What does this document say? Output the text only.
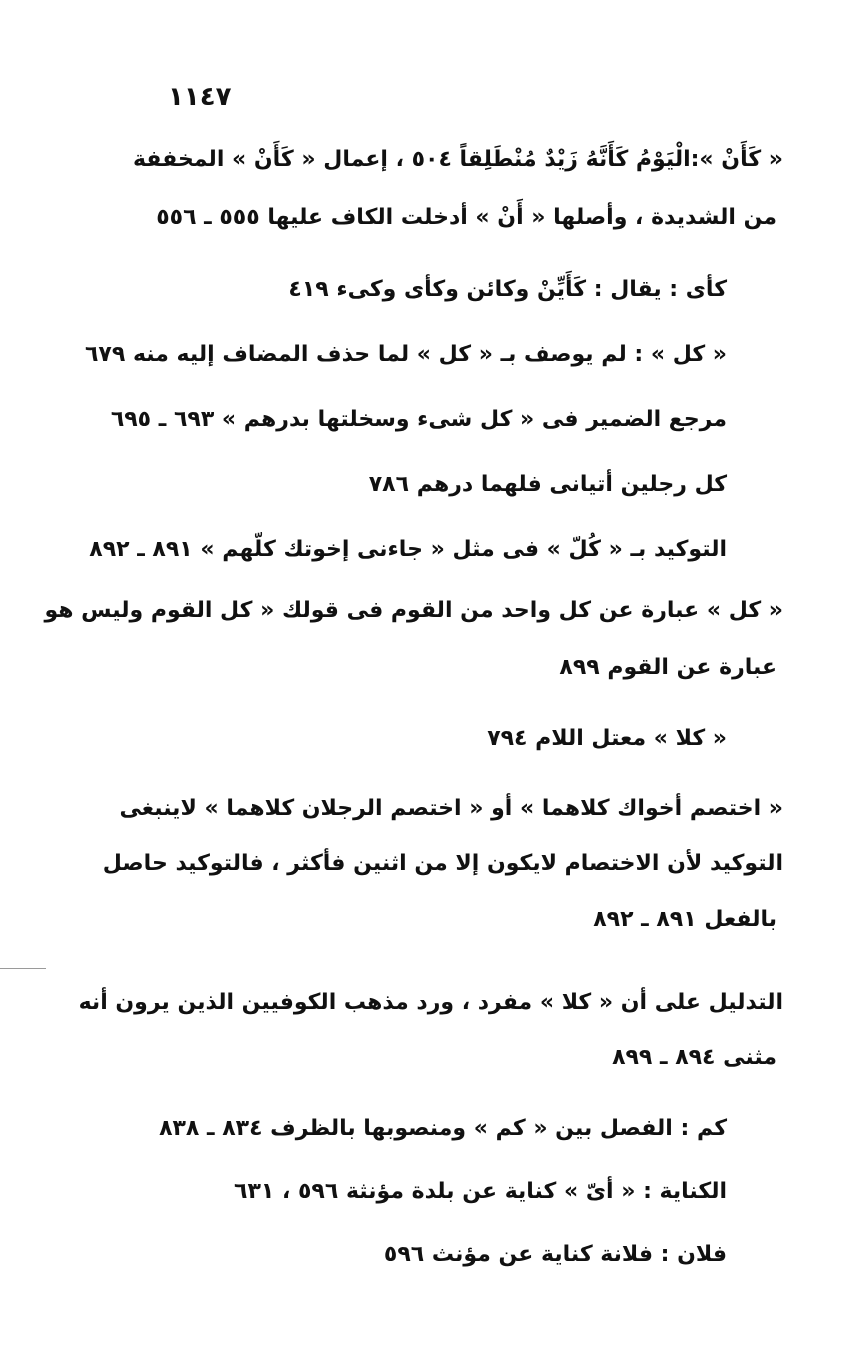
١١٤٧
« كَأَنْ »:الْيَوْمُ كَأَنَّهُ زَيْدٌ مُنْطَلِقاً ٥٠٤ ، إعمال « كَأَنْ » المخففة
من الشديدة ، وأصلها « أَنْ » أدخلت الكاف عليها ٥٥٥ ـ ٥٥٦
كأى : يقال : كَأَيِّنْ وكائن وكأى وكىء ٤١٩
« كل » : لم يوصف بـ « كل » لما حذف المضاف إليه منه ٦٧٩
مرجع الضمير فى « كل شىء وسخلتها بدرهم » ٦٩٣ ـ ٦٩٥
كل رجلين أتيانى فلهما درهم ٧٨٦
التوكيد بـ « كُلّ » فى مثل « جاءنى إخوتك كلّهم » ٨٩١ ـ ٨٩٢
« كل » عبارة عن كل واحد من القوم فى قولك « كل القوم وليس هو
عبارة عن القوم ٨٩٩
« كلا » معتل اللام ٧٩٤
« اختصم أخواك كلاهما » أو « اختصم الرجلان كلاهما » لاينبغى
التوكيد لأن الاختصام لايكون إلا من اثنين فأكثر ، فالتوكيد حاصل
بالفعل ٨٩١ ـ ٨٩٢
التدليل على أن « كلا » مفرد ، ورد مذهب الكوفيين الذين يرون أنه
مثنى ٨٩٤ ـ ٨٩٩
كم : الفصل بين « كم » ومنصوبها بالظرف ٨٣٤ ـ ٨٣٨
الكناية : « أىّ » كناية عن بلدة مؤنثة ٥٩٦ ، ٦٣١
فلان : فلانة كناية عن مؤنث ٥٩٦
